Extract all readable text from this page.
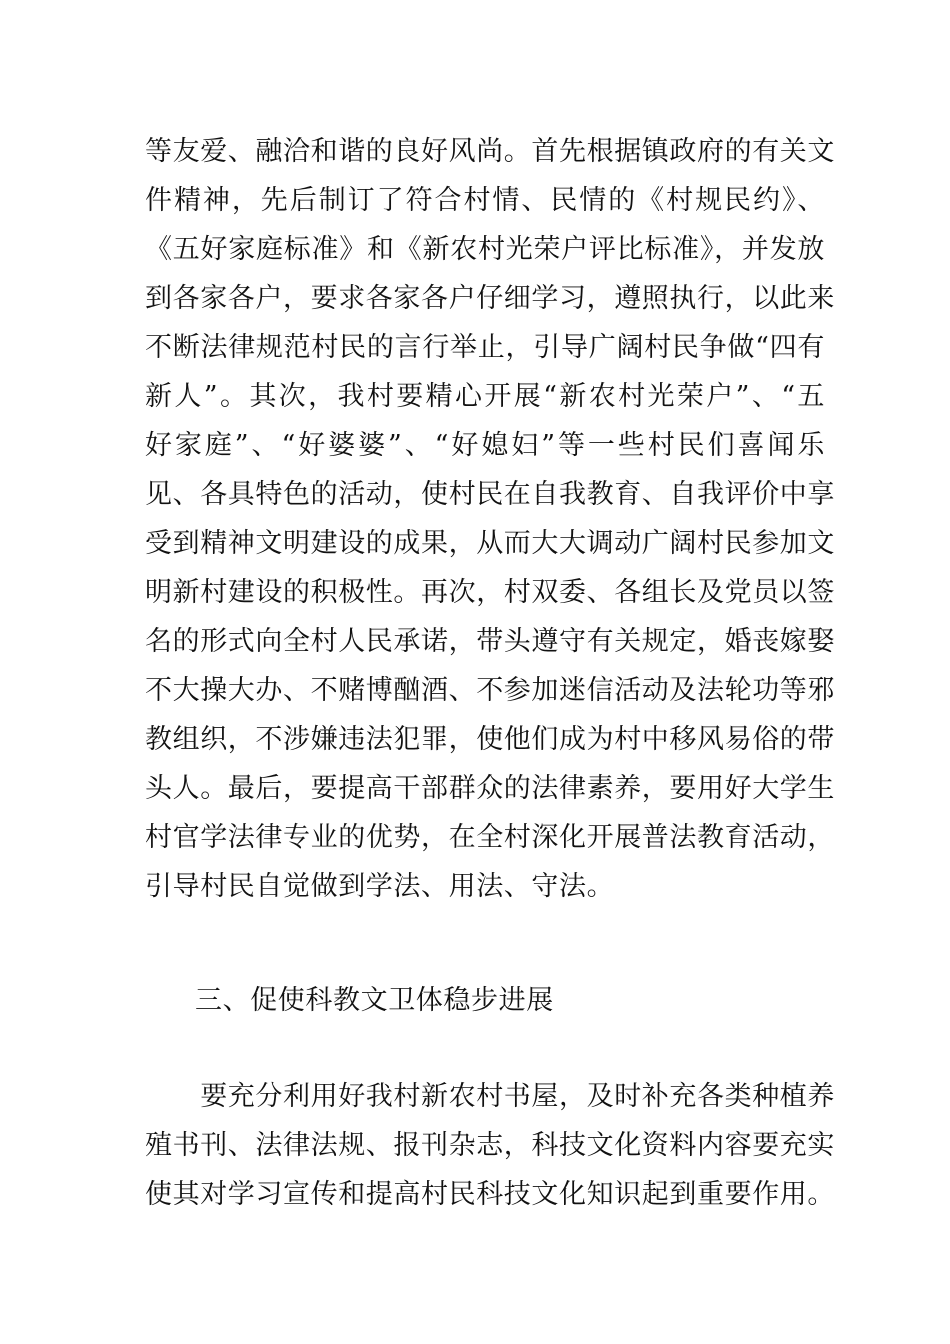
等友爱、融洽和谐的良好风尚。首先根据镇政府的有关文
件精神，先后制订了符合村情、民情的《村规民约》、
《五好家庭标准》和《新农村光荣户评比标准》，并发放
到各家各户，要求各家各户仔细学习，遵照执行，以此来
不断法律规范村民的言行举止，引导广阔村民争做“四有
新人”。其次，我村要精心开展“新农村光荣户”、“五
好家庭”、“好婆婆”、“好媳妇”等一些村民们喜闻乐
见、各具特色的活动，使村民在自我教育、自我评价中享
受到精神文明建设的成果，从而大大调动广阔村民参加文
明新村建设的积极性。再次，村双委、各组长及党员以签
名的形式向全村人民承诺，带头遵守有关规定，婚丧嫁娶
不大操大办、不赌博酗酒、不参加迷信活动及法轮功等邪
教组织，不涉嫌违法犯罪，使他们成为村中移风易俗的带
头人。最后，要提高干部群众的法律素养，要用好大学生
村官学法律专业的优势，在全村深化开展普法教育活动，
引导村民自觉做到学法、用法、守法。
三、促使科教文卫体稳步进展
　　要充分利用好我村新农村书屋，及时补充各类种植养
殖书刊、法律法规、报刊杂志，科技文化资料内容要充实
使其对学习宣传和提高村民科技文化知识起到重要作用。
